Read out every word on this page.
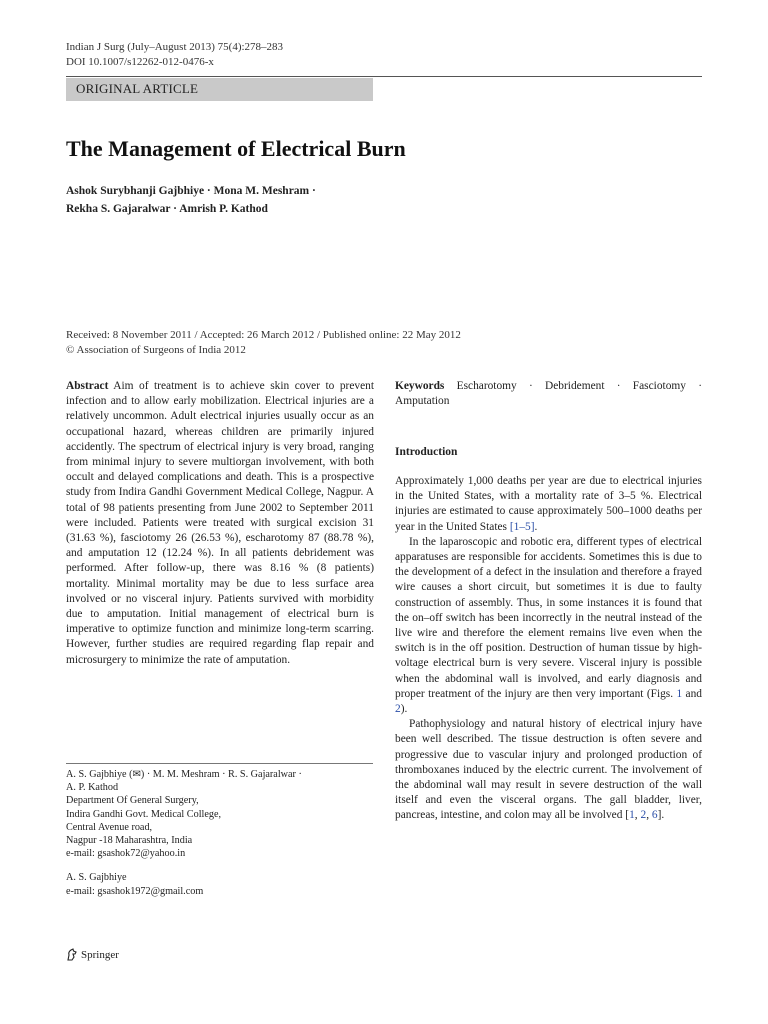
Indian J Surg (July–August 2013) 75(4):278–283
DOI 10.1007/s12262-012-0476-x
ORIGINAL ARTICLE
The Management of Electrical Burn
Ashok Surybhanji Gajbhiye · Mona M. Meshram ·
Rekha S. Gajaralwar · Amrish P. Kathod
Received: 8 November 2011 / Accepted: 26 March 2012 / Published online: 22 May 2012
© Association of Surgeons of India 2012
Abstract Aim of treatment is to achieve skin cover to prevent infection and to allow early mobilization. Electrical injuries are a relatively uncommon. Adult electrical injuries usually occur as an occupational hazard, whereas children are primarily injured accidently. The spectrum of electrical injury is very broad, ranging from minimal injury to severe multiorgan involvement, with both occult and delayed complications and death. This is a prospective study from Indira Gandhi Government Medical College, Nagpur. A total of 98 patients presenting from June 2002 to September 2011 were included. Patients were treated with surgical excision 31 (31.63 %), fasciotomy 26 (26.53 %), escharotomy 87 (88.78 %), and amputation 12 (12.24 %). In all patients debridement was performed. After follow-up, there was 8.16 % (8 patients) mortality. Minimal mortality may be due to less surface area involved or no visceral injury. Patients survived with morbidity due to amputation. Initial management of electrical burn is imperative to optimize function and minimize long-term scarring. However, further studies are required regarding flap repair and microsurgery to minimize the rate of amputation.
Keywords Escharotomy · Debridement · Fasciotomy · Amputation
Introduction

Approximately 1,000 deaths per year are due to electrical injuries in the United States, with a mortality rate of 3–5 %. Electrical injuries are estimated to cause approximately 500–1000 deaths per year in the United States [1–5].

In the laparoscopic and robotic era, different types of electrical apparatuses are responsible for accidents. Sometimes this is due to the development of a defect in the insulation and therefore a frayed wire causes a short circuit, but sometimes it is due to faulty construction of assembly. Thus, in some instances it is found that the on–off switch has been incorrectly in the neutral instead of the live wire and therefore the element remains live even when the switch is in the off position. Destruction of human tissue by high-voltage electrical burn is very severe. Visceral injury is possible when the abdominal wall is involved, and early diagnosis and proper treatment of the injury are then very important (Figs. 1 and 2).

Pathophysiology and natural history of electrical injury have been well described. The tissue destruction is often severe and progressive due to vascular injury and prolonged production of thromboxanes induced by the electric current. The involvement of the abdominal wall may result in severe destruction of the wall itself and even the visceral organs. The gall bladder, liver, pancreas, intestine, and colon may all be involved [1, 2, 6].

A. S. Gajbhiye (✉) · M. M. Meshram · R. S. Gajaralwar ·
A. P. Kathod
Department Of General Surgery,
Indira Gandhi Govt. Medical College,
Central Avenue road,
Nagpur -18 Maharashtra, India
e-mail: gsashok72@yahoo.in
A. S. Gajbhiye
e-mail: gsashok1972@gmail.com
Springer
